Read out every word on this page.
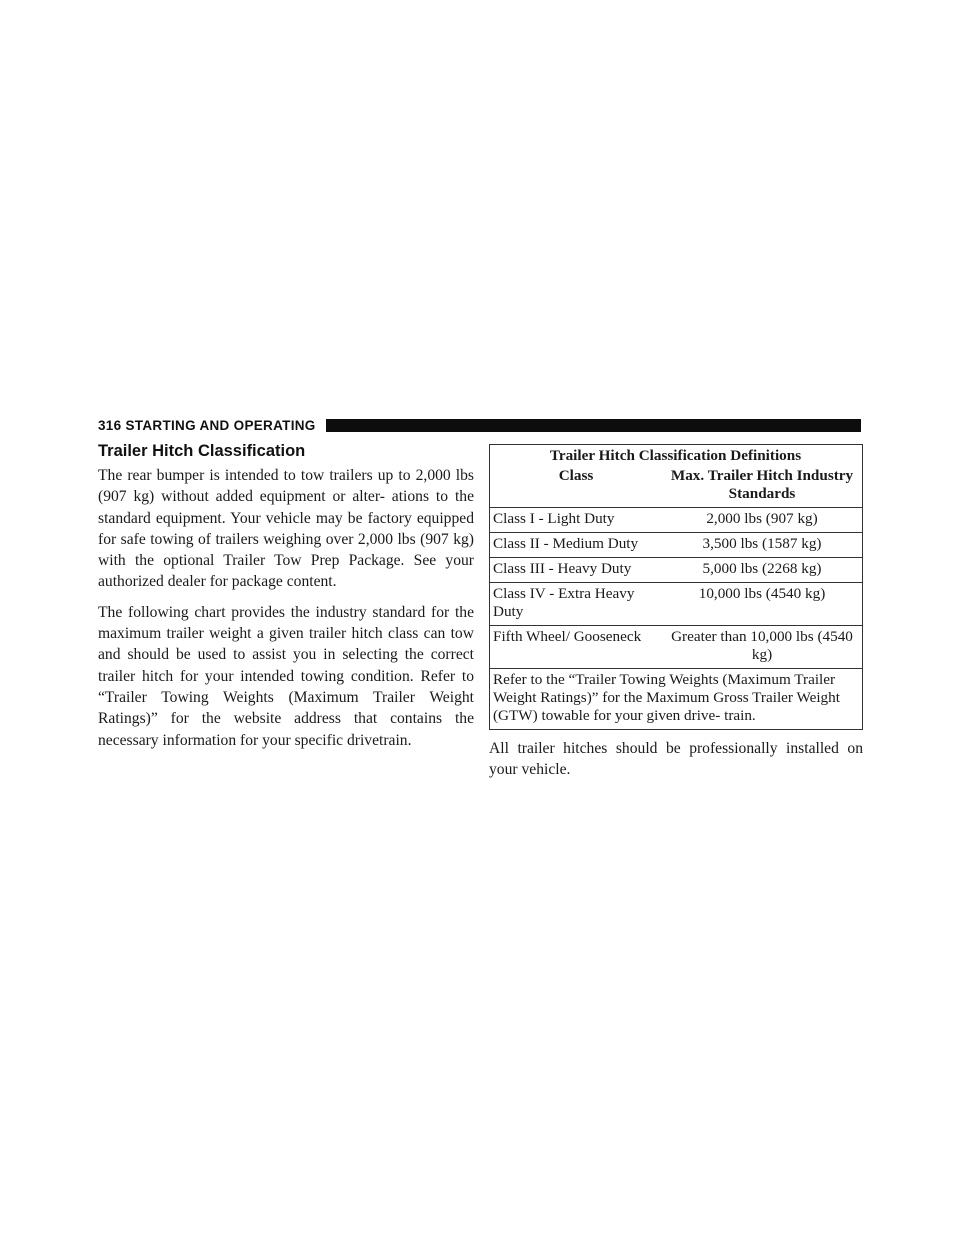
316 STARTING AND OPERATING
Trailer Hitch Classification

The rear bumper is intended to tow trailers up to 2,000 lbs (907 kg) without added equipment or alter- ations to the standard equipment. Your vehicle may be factory equipped for safe towing of trailers weighing over 2,000 lbs (907 kg) with the optional Trailer Tow Prep Package. See your authorized dealer for package content.

The following chart provides the industry standard for the maximum trailer weight a given trailer hitch class can tow and should be used to assist you in selecting the correct trailer hitch for your intended towing condition. Refer to “Trailer Towing Weights (Maximum Trailer Weight Ratings)” for the website address that contains the necessary information for your specific drivetrain.

Trailer Hitch Classification Definitions	
Class	Max. Trailer Hitch Industry Standards
Class I - Light Duty	2,000 lbs (907 kg)
Class II - Medium Duty	3,500 lbs (1587 kg)
Class III - Heavy Duty	5,000 lbs (2268 kg)
Class IV - Extra Heavy Duty	10,000 lbs (4540 kg)
Fifth Wheel/ Gooseneck	Greater than 10,000 lbs (4540 kg)
Refer to the “Trailer Towing Weights (Maximum Trailer Weight Ratings)” for the Maximum Gross Trailer Weight (GTW) towable for your given drive- train.	

All trailer hitches should be professionally installed on your vehicle.
